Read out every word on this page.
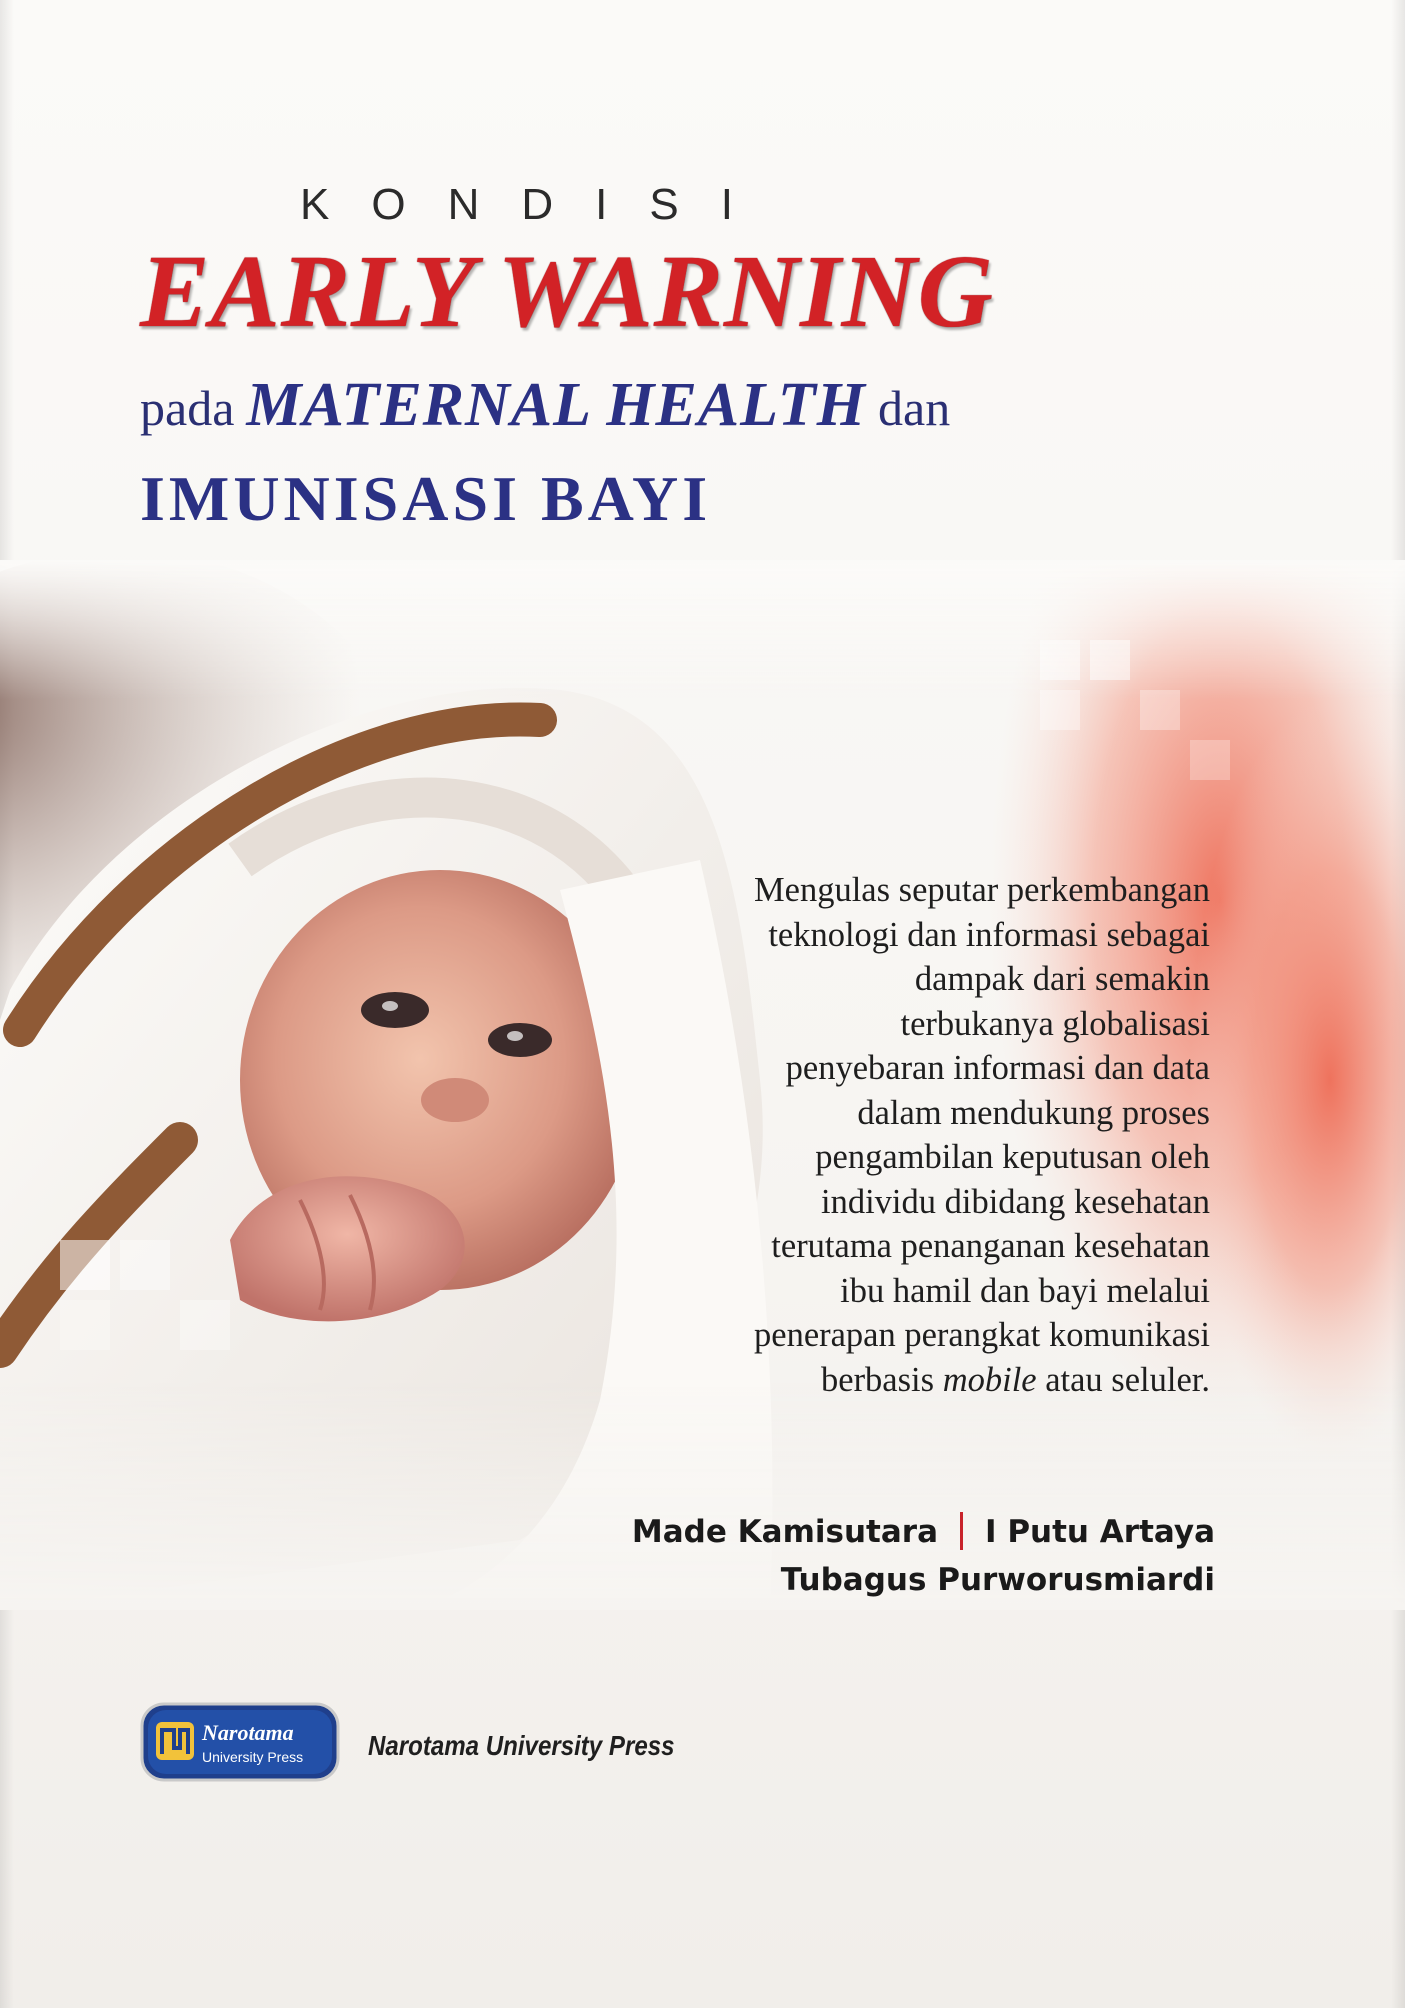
KONDISI
EARLY WARNING
pada MATERNAL HEALTH dan
IMUNISASI BAYI
Mengulas seputar perkembangan
teknologi dan informasi sebagai
dampak dari semakin
terbukanya globalisasi
penyebaran informasi dan data
dalam mendukung proses
pengambilan keputusan oleh
individu dibidang kesehatan
terutama penanganan kesehatan
ibu hamil dan bayi melalui
penerapan perangkat komunikasi
berbasis mobile atau seluler.
Made Kamisutara I Putu Artaya
Tubagus Purworusmiardi
Narotama
University Press Narotama University Press
